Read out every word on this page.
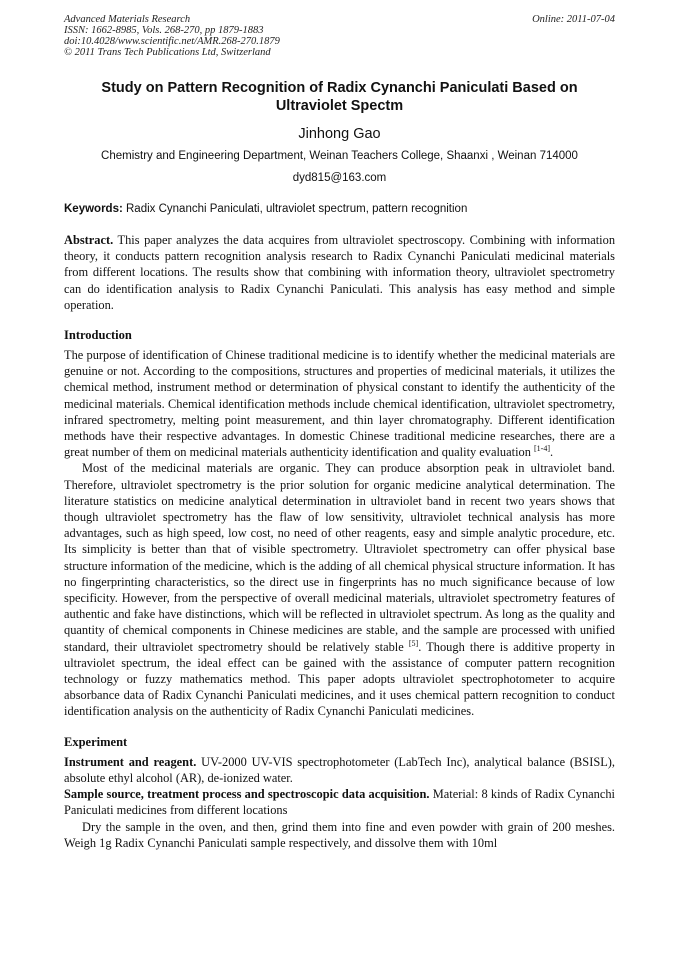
Advanced Materials Research
ISSN: 1662-8985, Vols. 268-270, pp 1879-1883
doi:10.4028/www.scientific.net/AMR.268-270.1879
© 2011 Trans Tech Publications Ltd, Switzerland
Online: 2011-07-04
Study on Pattern Recognition of Radix Cynanchi Paniculati Based on Ultraviolet Spectm
Jinhong Gao
Chemistry and Engineering Department, Weinan Teachers College, Shaanxi , Weinan 714000
dyd815@163.com
Keywords: Radix Cynanchi Paniculati, ultraviolet spectrum, pattern recognition
Abstract. This paper analyzes the data acquires from ultraviolet spectroscopy. Combining with information theory, it conducts pattern recognition analysis research to Radix Cynanchi Paniculati medicinal materials from different locations. The results show that combining with information theory, ultraviolet spectrometry can do identification analysis to Radix Cynanchi Paniculati. This analysis has easy method and simple operation.
Introduction
The purpose of identification of Chinese traditional medicine is to identify whether the medicinal materials are genuine or not. According to the compositions, structures and properties of medicinal materials, it utilizes the chemical method, instrument method or determination of physical constant to identify the authenticity of the medicinal materials. Chemical identification methods include chemical identification, ultraviolet spectrometry, infrared spectrometry, melting point measurement, and thin layer chromatography. Different identification methods have their respective advantages. In domestic Chinese traditional medicine researches, there are a great number of them on medicinal materials authenticity identification and quality evaluation [1-4].
Most of the medicinal materials are organic. They can produce absorption peak in ultraviolet band. Therefore, ultraviolet spectrometry is the prior solution for organic medicine analytical determination. The literature statistics on medicine analytical determination in ultraviolet band in recent two years shows that though ultraviolet spectrometry has the flaw of low sensitivity, ultraviolet technical analysis has more advantages, such as high speed, low cost, no need of other reagents, easy and simple analytic procedure, etc. Its simplicity is better than that of visible spectrometry. Ultraviolet spectrometry can offer physical base structure information of the medicine, which is the adding of all chemical physical structure information. It has no fingerprinting characteristics, so the direct use in fingerprints has no much significance because of low specificity. However, from the perspective of overall medicinal materials, ultraviolet spectrometry features of authentic and fake have distinctions, which will be reflected in ultraviolet spectrum. As long as the quality and quantity of chemical components in Chinese medicines are stable, and the sample are processed with unified standard, their ultraviolet spectrometry should be relatively stable [5]. Though there is additive property in ultraviolet spectrum, the ideal effect can be gained with the assistance of computer pattern recognition technology or fuzzy mathematics method. This paper adopts ultraviolet spectrophotometer to acquire absorbance data of Radix Cynanchi Paniculati medicines, and it uses chemical pattern recognition to conduct identification analysis on the authenticity of Radix Cynanchi Paniculati medicines.
Experiment
Instrument and reagent. UV-2000 UV-VIS spectrophotometer (LabTech Inc), analytical balance (BSISL), absolute ethyl alcohol (AR), de-ionized water.
Sample source, treatment process and spectroscopic data acquisition. Material: 8 kinds of Radix Cynanchi Paniculati medicines from different locations
Dry the sample in the oven, and then, grind them into fine and even powder with grain of 200 meshes. Weigh 1g Radix Cynanchi Paniculati sample respectively, and dissolve them with 10ml
